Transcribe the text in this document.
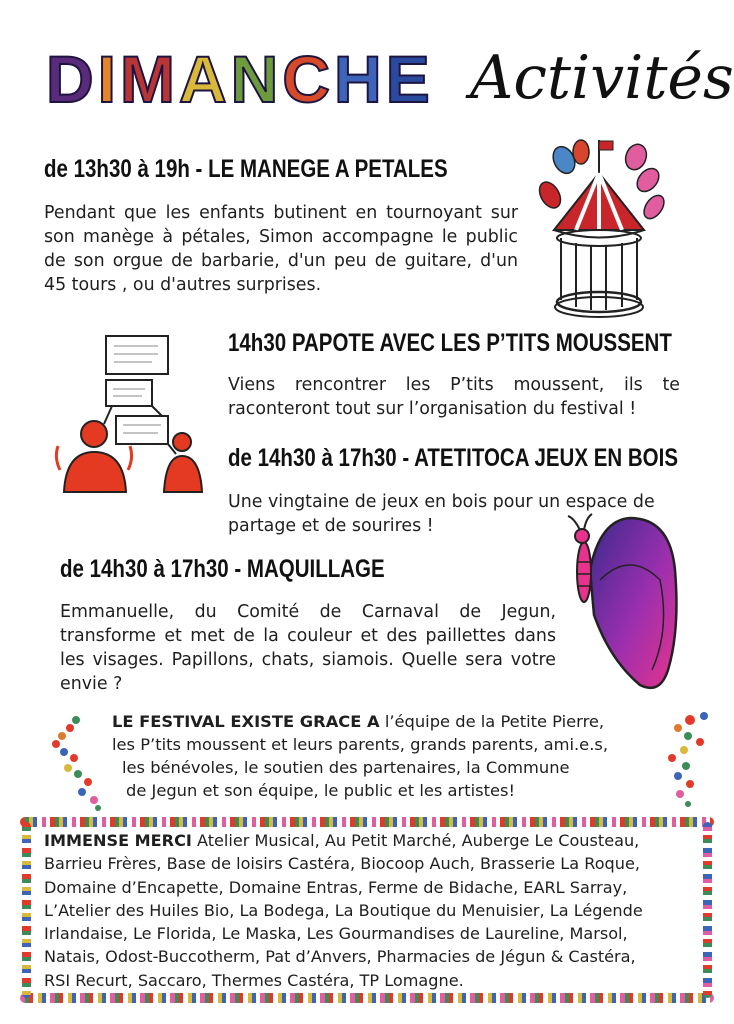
DIMANCHE Activités
de 13h30 à 19h - LE MANEGE A PETALES
Pendant que les enfants butinent en tournoyant sur son manège à pétales, Simon accompagne le public de son orgue de barbarie, d'un peu de guitare, d'un 45 tours , ou d'autres surprises.
14h30 PAPOTE AVEC LES P’TITS MOUSSENT
Viens rencontrer les P’tits moussent, ils te raconteront tout sur l’organisation du festival !
de 14h30 à 17h30 - ATETITOCA JEUX EN BOIS
Une vingtaine de jeux en bois pour un espace de partage et de sourires !
de 14h30 à 17h30 - MAQUILLAGE
Emmanuelle, du Comité de Carnaval de Jegun, transforme et met de la couleur et des paillettes dans les visages. Papillons, chats, siamois. Quelle sera votre envie ?
LE FESTIVAL EXISTE GRACE A l’équipe de la Petite Pierre,
les P’tits moussent et leurs parents, grands parents, ami.e.s,
les bénévoles, le soutien des partenaires, la Commune
de Jegun et son équipe, le public et les artistes!
IMMENSE MERCI Atelier Musical, Au Petit Marché, Auberge Le Cousteau,
Barrieu Frères, Base de loisirs Castéra, Biocoop Auch, Brasserie La Roque,
Domaine d’Encapette, Domaine Entras, Ferme de Bidache, EARL Sarray,
L’Atelier des Huiles Bio, La Bodega, La Boutique du Menuisier, La Légende
Irlandaise, Le Florida, Le Maska, Les Gourmandises de Laureline, Marsol,
Natais, Odost-Buccotherm, Pat d’Anvers, Pharmacies de Jégun & Castéra,
RSI Recurt, Saccaro, Thermes Castéra, TP Lomagne.
